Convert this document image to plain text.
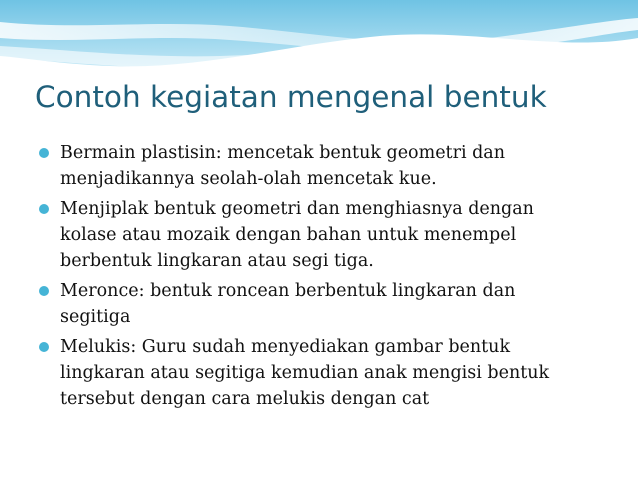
Contoh kegiatan mengenal bentuk
Bermain plastisin: mencetak bentuk geometri dan
menjadikannya seolah-olah mencetak kue.
Menjiplak bentuk geometri dan menghiasnya dengan
kolase atau mozaik dengan bahan untuk menempel
berbentuk lingkaran atau segi tiga.
Meronce: bentuk roncean berbentuk lingkaran dan
segitiga
Melukis: Guru sudah menyediakan gambar bentuk
lingkaran atau segitiga kemudian anak mengisi bentuk
tersebut dengan cara melukis dengan cat
